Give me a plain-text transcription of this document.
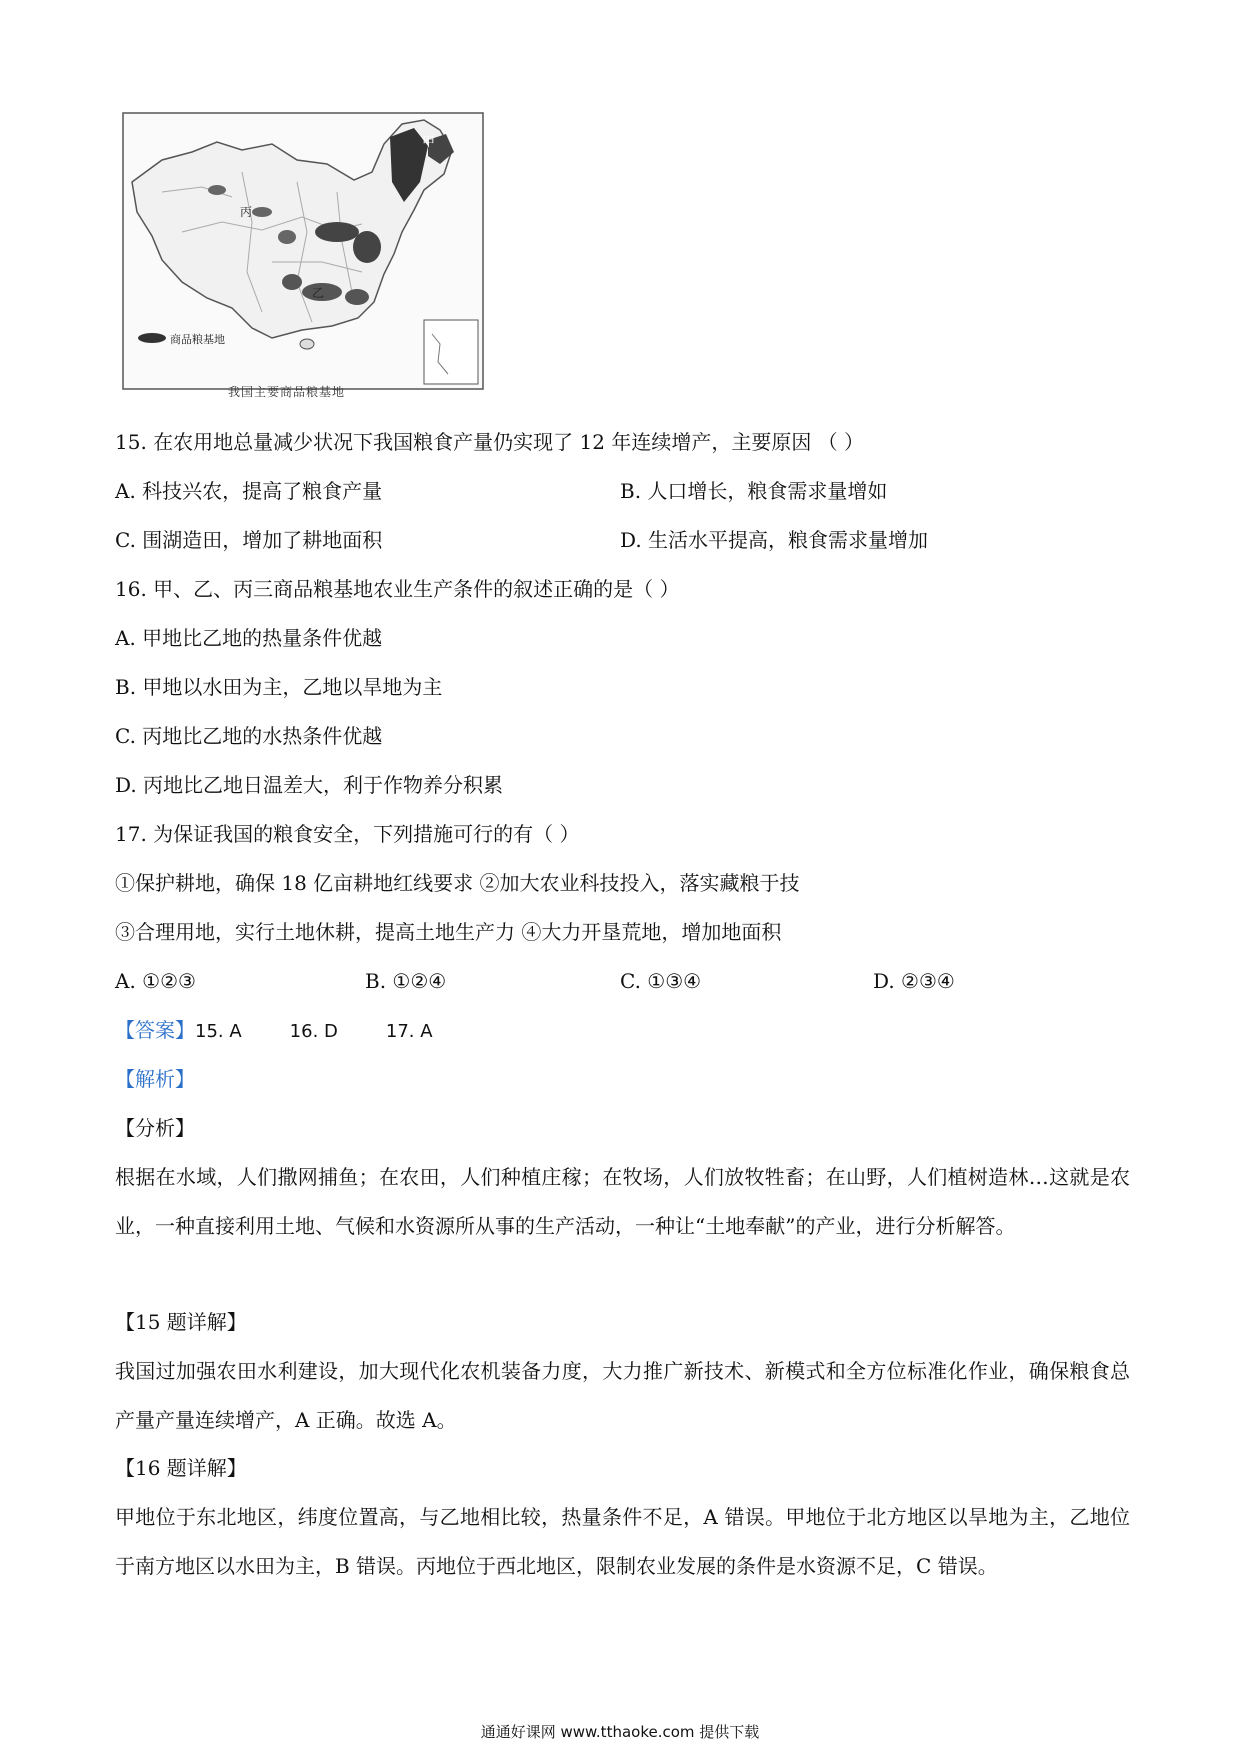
甲
丙
乙
商品粮基地
我国主要商品粮基地
15. 在农用地总量减少状况下我国粮食产量仍实现了 12 年连续增产，主要原因 （ ）
A. 科技兴农，提高了粮食产量	B. 人口增长，粮食需求量增如
C. 围湖造田，增加了耕地面积	D. 生活水平提高，粮食需求量增加
16. 甲、乙、丙三商品粮基地农业生产条件的叙述正确的是（ ）
A. 甲地比乙地的热量条件优越
B. 甲地以水田为主，乙地以旱地为主
C. 丙地比乙地的水热条件优越
D. 丙地比乙地日温差大，利于作物养分积累
17. 为保证我国的粮食安全，下列措施可行的有（ ）
①保护耕地，确保 18 亿亩耕地红线要求 ②加大农业科技投入，落实藏粮于技
③合理用地，实行土地休耕，提高土地生产力 ④大力开垦荒地，增加地面积
A. ①②③	B. ①②④	C. ①③④	D. ②③④
【答案】15. A	16. D	17. A
【解析】
【分析】
根据在水域，人们撒网捕鱼；在农田，人们种植庄稼；在牧场，人们放牧牲畜；在山野，人们植树造林…这就是农业，一种直接利用土地、气候和水资源所从事的生产活动，一种让“土地奉献”的产业，进行分析解答。
【15 题详解】
我国过加强农田水利建设，加大现代化农机装备力度，大力推广新技术、新模式和全方位标准化作业，确保粮食总产量产量连续增产，A 正确。故选 A。
【16 题详解】
甲地位于东北地区，纬度位置高，与乙地相比较，热量条件不足，A 错误。甲地位于北方地区以旱地为主，乙地位于南方地区以水田为主，B 错误。丙地位于西北地区，限制农业发展的条件是水资源不足，C 错误。
通通好课网 www.tthaoke.com 提供下载
